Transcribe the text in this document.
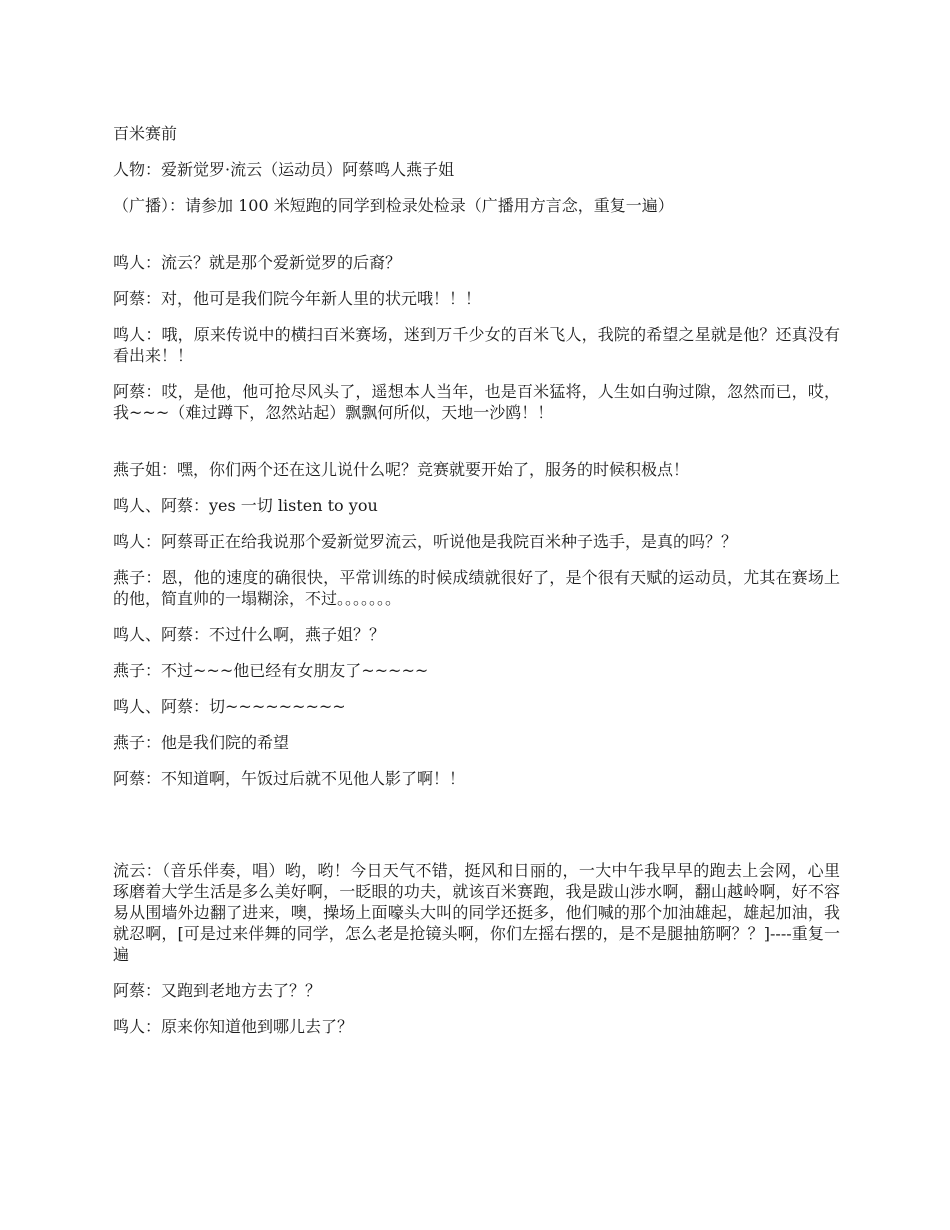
百米赛前

人物：爱新觉罗·流云（运动员）阿蔡鸣人燕子姐

（广播）：请参加 100 米短跑的同学到检录处检录（广播用方言念，重复一遍）

鸣人：流云？就是那个爱新觉罗的后裔？

阿蔡：对，他可是我们院今年新人里的状元哦！！！

鸣人：哦，原来传说中的横扫百米赛场，迷到万千少女的百米飞人，我院的希望之星就是他？还真没有看出来！！

阿蔡：哎，是他，他可抢尽风头了，遥想本人当年，也是百米猛将，人生如白驹过隙，忽然而已，哎，我~~~（难过蹲下，忽然站起）飘飘何所似，天地一沙鸥！！

燕子姐：嘿，你们两个还在这儿说什么呢？竞赛就要开始了，服务的时候积极点！

鸣人、阿蔡：yes 一切 listen to you

鸣人：阿蔡哥正在给我说那个爱新觉罗流云，听说他是我院百米种子选手，是真的吗？？

燕子：恩，他的速度的确很快，平常训练的时候成绩就很好了，是个很有天赋的运动员，尤其在赛场上的他，简直帅的一塌糊涂，不过。。。。。。。

鸣人、阿蔡：不过什么啊，燕子姐？？

燕子：不过~~~他已经有女朋友了~~~~~

鸣人、阿蔡：切~~~~~~~~~

燕子：他是我们院的希望

阿蔡：不知道啊，午饭过后就不见他人影了啊！！

流云：（音乐伴奏，唱）哟，哟！今日天气不错，挺风和日丽的，一大中午我早早的跑去上会网，心里琢磨着大学生活是多么美好啊，一眨眼的功夫，就该百米赛跑，我是跋山涉水啊，翻山越岭啊，好不容易从围墙外边翻了进来，噢，操场上面嚎头大叫的同学还挺多，他们喊的那个加油雄起，雄起加油，我就忍啊，[可是过来伴舞的同学，怎么老是抢镜头啊，你们左摇右摆的，是不是腿抽筋啊？？]----重复一遍

阿蔡：又跑到老地方去了？？

鸣人：原来你知道他到哪儿去了？
